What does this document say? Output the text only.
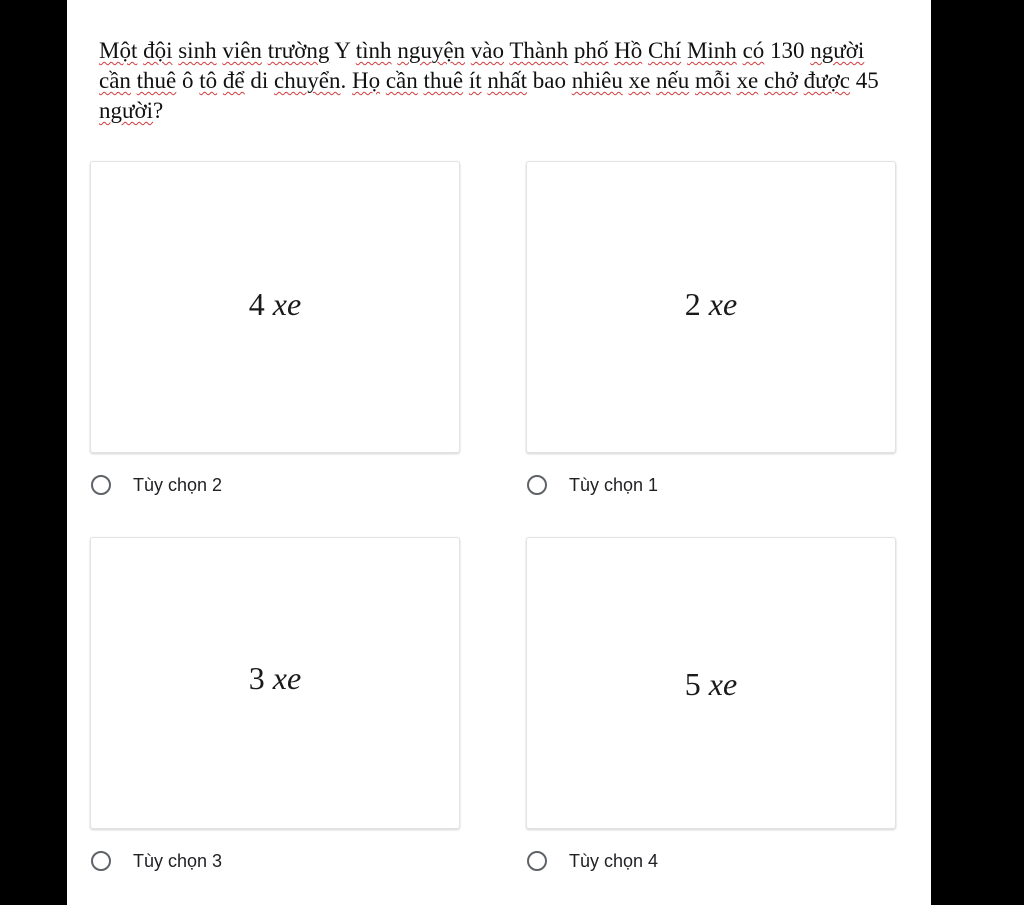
Một đội sinh viên trường Y tình nguyện vào Thành phố Hồ Chí Minh có 130 người cần thuê ô tô để di chuyển. Họ cần thuê ít nhất bao nhiêu xe nếu mỗi xe chở được 45 người?

4 xe
Tùy chọn 2
2 xe
Tùy chọn 1
3 xe
Tùy chọn 3
5 xe
Tùy chọn 4
